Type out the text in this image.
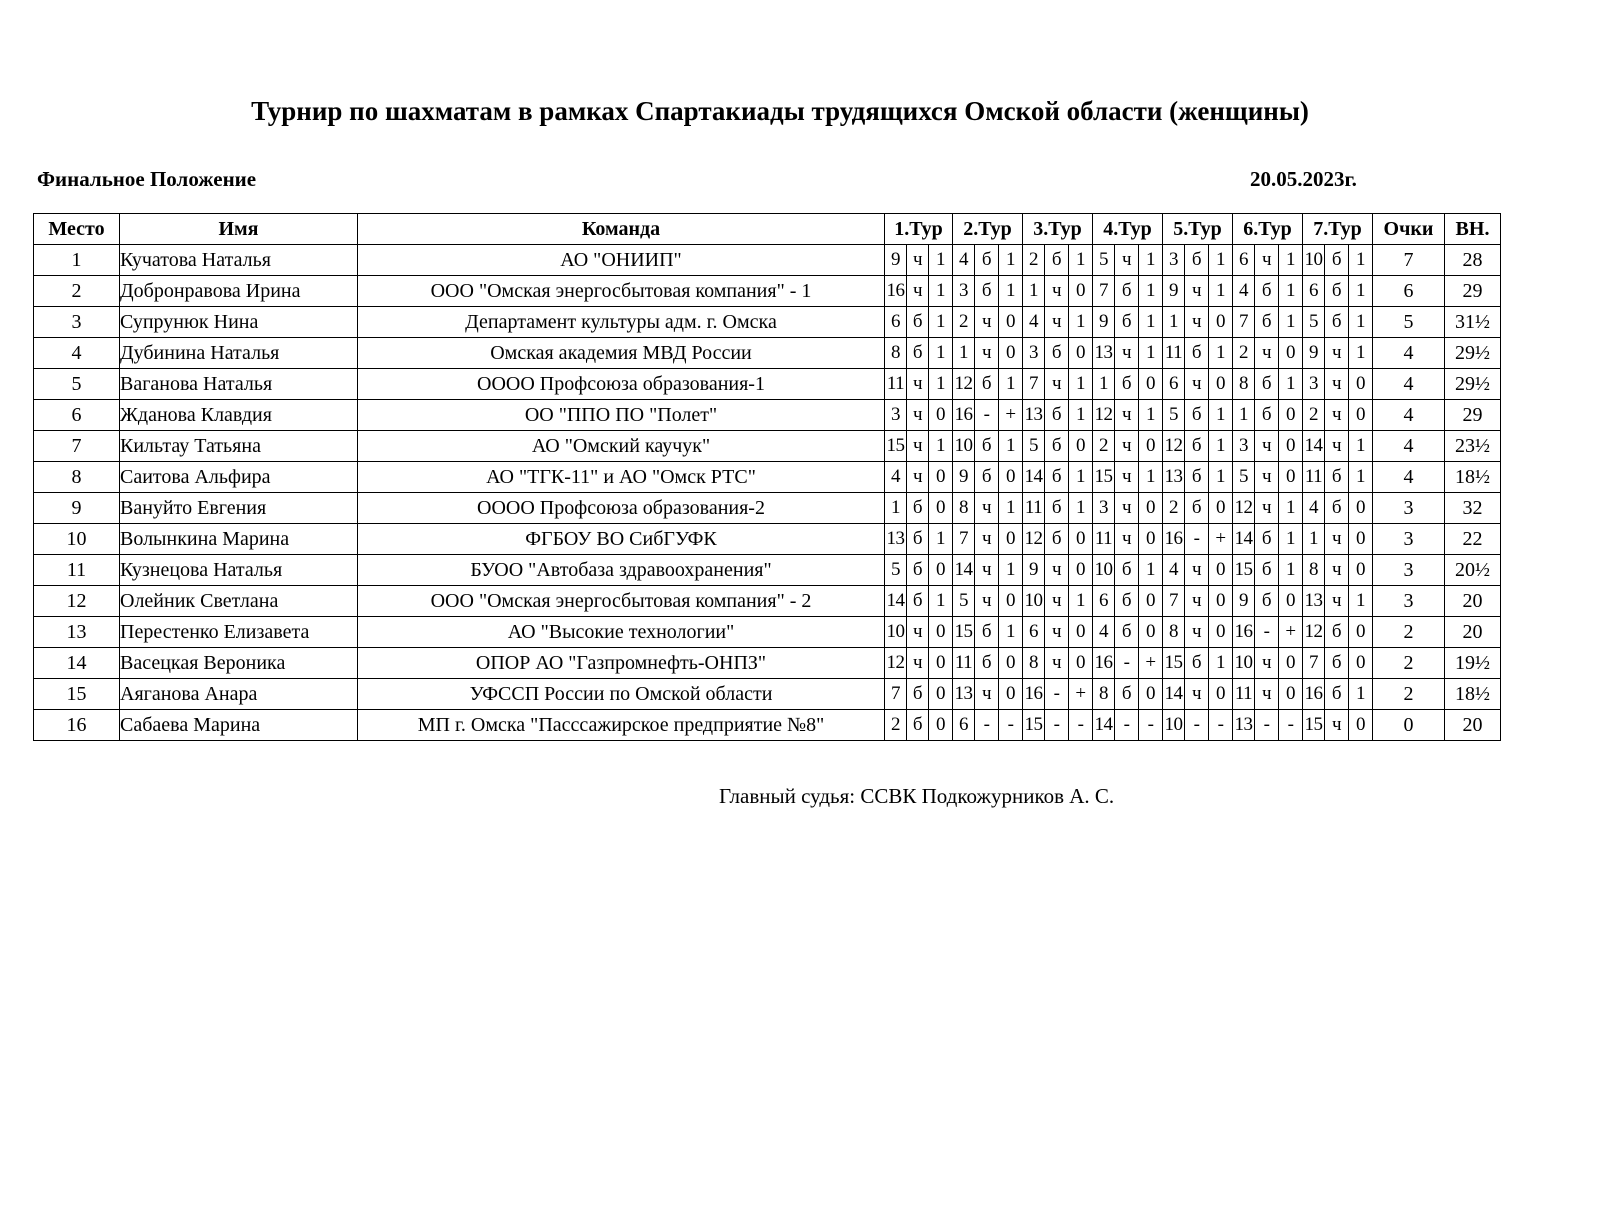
Турнир по шахматам в рамках Спартакиады трудящихся Омской области (женщины)
Финальное Положение	20.05.2023г.
Место	Имя	Команда	1.Тур			2.Тур			3.Тур			4.Тур			5.Тур			6.Тур			7.Тур			Очки	ВН.
1	Кучатова Наталья	АО "ОНИИП"	9	ч	1	4	б	1	2	б	1	5	ч	1	3	б	1	6	ч	1	10	б	1	7	28
2	Добронравова Ирина	ООО "Омская энергосбытовая компания" - 1	16	ч	1	3	б	1	1	ч	0	7	б	1	9	ч	1	4	б	1	6	б	1	6	29
3	Супрунюк Нина	Департамент культуры адм. г. Омска	6	б	1	2	ч	0	4	ч	1	9	б	1	1	ч	0	7	б	1	5	б	1	5	31½
4	Дубинина Наталья	Омская академия МВД России	8	б	1	1	ч	0	3	б	0	13	ч	1	11	б	1	2	ч	0	9	ч	1	4	29½
5	Ваганова Наталья	ОООО Профсоюза образования-1	11	ч	1	12	б	1	7	ч	1	1	б	0	6	ч	0	8	б	1	3	ч	0	4	29½
6	Жданова Клавдия	ОО "ППО ПО "Полет"	3	ч	0	16	-	+	13	б	1	12	ч	1	5	б	1	1	б	0	2	ч	0	4	29
7	Кильтау Татьяна	АО "Омский каучук"	15	ч	1	10	б	1	5	б	0	2	ч	0	12	б	1	3	ч	0	14	ч	1	4	23½
8	Саитова Альфира	АО "ТГК-11" и АО "Омск РТС"	4	ч	0	9	б	0	14	б	1	15	ч	1	13	б	1	5	ч	0	11	б	1	4	18½
9	Вануйто Евгения	ОООО Профсоюза образования-2	1	б	0	8	ч	1	11	б	1	3	ч	0	2	б	0	12	ч	1	4	б	0	3	32
10	Волынкина Марина	ФГБОУ ВО СибГУФК	13	б	1	7	ч	0	12	б	0	11	ч	0	16	-	+	14	б	1	1	ч	0	3	22
11	Кузнецова Наталья	БУОО "Автобаза здравоохранения"	5	б	0	14	ч	1	9	ч	0	10	б	1	4	ч	0	15	б	1	8	ч	0	3	20½
12	Олейник Светлана	ООО "Омская энергосбытовая компания" - 2	14	б	1	5	ч	0	10	ч	1	6	б	0	7	ч	0	9	б	0	13	ч	1	3	20
13	Перестенко Елизавета	АО "Высокие технологии"	10	ч	0	15	б	1	6	ч	0	4	б	0	8	ч	0	16	-	+	12	б	0	2	20
14	Васецкая Вероника	ОПОР АО "Газпромнефть-ОНПЗ"	12	ч	0	11	б	0	8	ч	0	16	-	+	15	б	1	10	ч	0	7	б	0	2	19½
15	Аяганова Анара	УФССП России по Омской области	7	б	0	13	ч	0	16	-	+	8	б	0	14	ч	0	11	ч	0	16	б	1	2	18½
16	Сабаева Марина	МП г. Омска "Пасссажирское предприятие №8"	2	б	0	6	-	-	15	-	-	14	-	-	10	-	-	13	-	-	15	ч	0	0	20
Главный судья: ССВК Подкожурников А. С.
